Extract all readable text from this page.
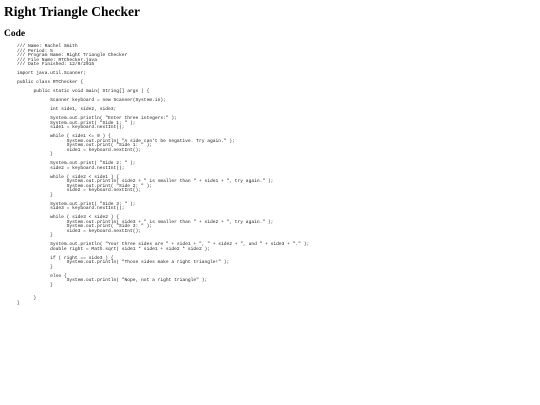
Right Triangle Checker
Code
/// Name: Rachel Smith
/// Period: 5
/// Program Name: Right Triangle Checker
/// File Name: RTChecker.java
/// Date Finished: 12/9/2015
import java.util.Scanner;
public class RTChecker {
public static void main( String[] args ) {
Scanner keyboard = new Scanner(System.in);
int side1, side2, side3;
System.out.println( "Enter three integers:" );
System.out.print( "Side 1: " );
side1 = keyboard.nextInt();
while ( side1 <= 0 ) {
System.out.println( "A side can't be negative. Try again." );
System.out.print( "Side 1: " );
side1 = keyboard.nextInt();
}
System.out.print( "Side 2: " );
side2 = keyboard.nextInt();
while ( side2 < side1 ) {
System.out.println( side2 + " is smaller than " + side1 + ", try again." );
System.out.print( "Side 2: " );
side2 = keyboard.nextInt();
}
System.out.print( "Side 3: " );
side3 = keyboard.nextInt();
while ( side3 < side2 ) {
System.out.println( side3 + " is smaller than " + side2 + ", try again." );
System.out.print( "Side 3: " );
side3 = keyboard.nextInt();
}
System.out.println( "Your three sides are " + side1 + ", " + side2 + ", and " + side3 + "." );
double right = Math.sqrt( side1 * side1 + side2 * side2 );
if ( right == side3 ) {
System.out.println( "Those sides make a right triangle!" );
}
else {
System.out.println( "Nope, not a right triangle" );
}
}
}
